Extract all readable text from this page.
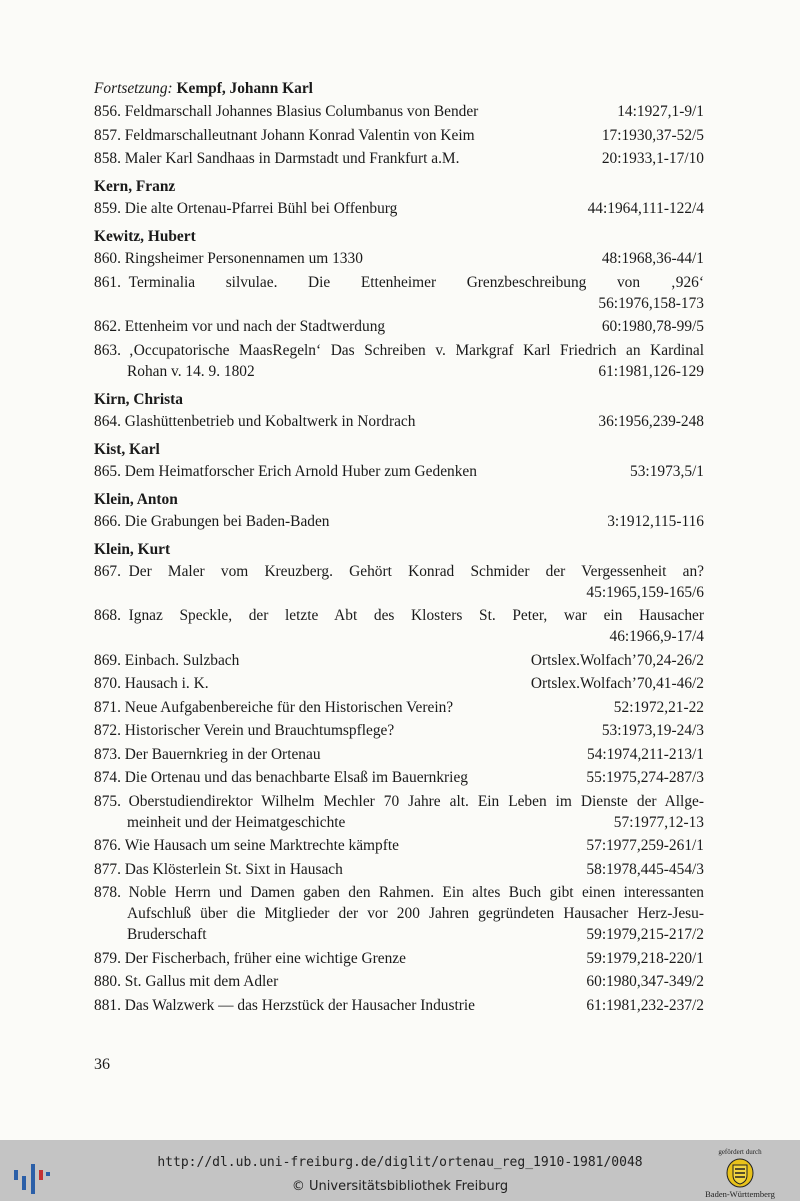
Fortsetzung: Kempf, Johann Karl
856.
Feldmarschall Johannes Blasius Columbanus von Bender	14:1927,1-9/1
857.
Feldmarschalleutnant Johann Konrad Valentin von Keim	17:1930,37-52/5
858.
Maler Karl Sandhaas in Darmstadt und Frankfurt a.M.	20:1933,1-17/10
Kern, Franz
859.
Die alte Ortenau-Pfarrei Bühl bei Offenburg	44:1964,111-122/4
Kewitz, Hubert
860.
Ringsheimer Personennamen um 1330	48:1968,36-44/1
861.
Terminalia silvulae. Die Ettenheimer Grenzbeschreibung von ‚926‘
56:1976,158-173
862.
Ettenheim vor und nach der Stadtwerdung	60:1980,78-99/5
863.
‚Occupatorische MaasRegeln‘ Das Schreiben v. Markgraf Karl Friedrich an Kardinal
Rohan v. 14. 9. 1802	61:1981,126-129
Kirn, Christa
864.
Glashüttenbetrieb und Kobaltwerk in Nordrach	36:1956,239-248
Kist, Karl
865.
Dem Heimatforscher Erich Arnold Huber zum Gedenken	53:1973,5/1
Klein, Anton
866.
Die Grabungen bei Baden-Baden	3:1912,115-116
Klein, Kurt
867.
Der Maler vom Kreuzberg. Gehört Konrad Schmider der Vergessenheit an?
45:1965,159-165/6
868.
Ignaz Speckle, der letzte Abt des Klosters St. Peter, war ein Hausacher
46:1966,9-17/4
869.
Einbach. Sulzbach	Ortslex.Wolfach’70,24-26/2
870.
Hausach i. K.	Ortslex.Wolfach’70,41-46/2
871.
Neue Aufgabenbereiche für den Historischen Verein?	52:1972,21-22
872.
Historischer Verein und Brauchtumspflege?	53:1973,19-24/3
873.
Der Bauernkrieg in der Ortenau	54:1974,211-213/1
874.
Die Ortenau und das benachbarte Elsaß im Bauernkrieg	55:1975,274-287/3
875.
Oberstudiendirektor Wilhelm Mechler 70 Jahre alt. Ein Leben im Dienste der Allge-
meinheit und der Heimatgeschichte	57:1977,12-13
876.
Wie Hausach um seine Marktrechte kämpfte	57:1977,259-261/1
877.
Das Klösterlein St. Sixt in Hausach	58:1978,445-454/3
878.
Noble Herrn und Damen gaben den Rahmen. Ein altes Buch gibt einen interessanten
Aufschluß über die Mitglieder der vor 200 Jahren gegründeten Hausacher Herz-Jesu-
Bruderschaft	59:1979,215-217/2
879.
Der Fischerbach, früher eine wichtige Grenze	59:1979,218-220/1
880.
St. Gallus mit dem Adler	60:1980,347-349/2
881.
Das Walzwerk — das Herzstück der Hausacher Industrie	61:1981,232-237/2
36
http://dl.ub.uni-freiburg.de/diglit/ortenau_reg_1910-1981/0048
© Universitätsbibliothek Freiburg
gefördert durch
Baden-Württemberg
